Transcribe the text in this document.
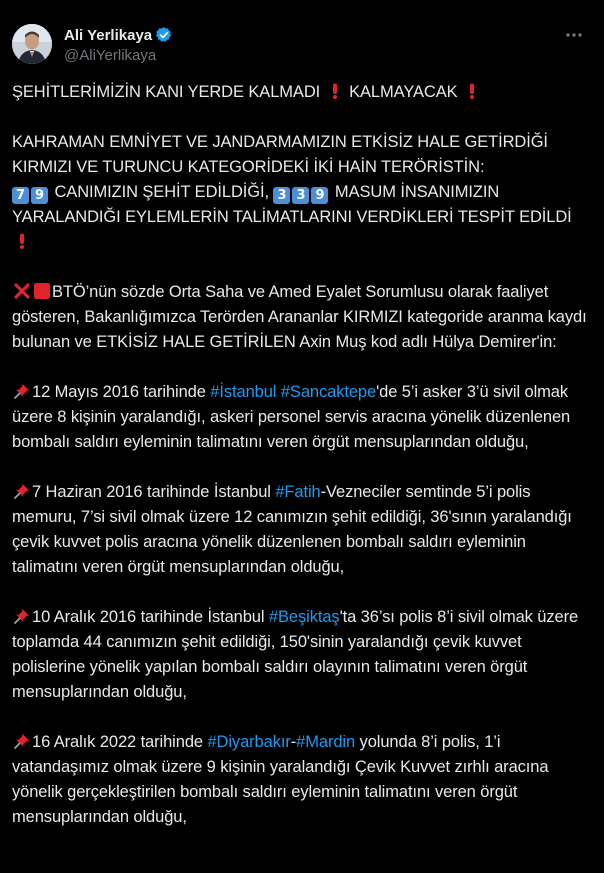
Ali Yerlikaya
@AliYerlikaya

ŞEHİTLERİMİZİN KANI YERDE KALMADI  KALMAYACAK

KAHRAMAN EMNİYET VE JANDARMAMIZIN ETKİSİZ HALE GETİRDİĞİ KIRMIZI VE TURUNCU KATEGORİDEKİ İKİ HAİN TERÖRİSTİN:
7 9 CANIMIZIN ŞEHİT EDİLDİĞİ, 3 3 9 MASUM İNSANIMIZIN YARALANDIĞI EYLEMLERİN TALİMATLARINI VERDİKLERİ TESPİT EDİLDİ

BTÖ’nün sözde Orta Saha ve Amed Eyalet Sorumlusu olarak faaliyet gösteren, Bakanlığımızca Terörden Arananlar KIRMIZI kategoride aranma kaydı bulunan ve ETKİSİZ HALE GETİRİLEN Axin Muş kod adlı Hülya Demirer'in:

12 Mayıs 2016 tarihinde #İstanbul #Sancaktepe'de 5’i asker 3’ü sivil olmak üzere 8 kişinin yaralandığı, askeri personel servis aracına yönelik düzenlenen bombalı saldırı eyleminin talimatını veren örgüt mensuplarından olduğu,

7 Haziran 2016 tarihinde İstanbul #Fatih-Vezneciler semtinde 5’i polis memuru, 7’si sivil olmak üzere 12 canımızın şehit edildiği, 36'sının yaralandığı çevik kuvvet polis aracına yönelik düzenlenen bombalı saldırı eyleminin talimatını veren örgüt mensuplarından olduğu,

10 Aralık 2016 tarihinde İstanbul #Beşiktaş'ta 36’sı polis 8’i sivil olmak üzere toplamda 44 canımızın şehit edildiği, 150'sinin yaralandığı çevik kuvvet polislerine yönelik yapılan bombalı saldırı olayının talimatını veren örgüt mensuplarından olduğu,

16 Aralık 2022 tarihinde #Diyarbakır-#Mardin yolunda 8’i polis, 1’i vatandaşımız olmak üzere 9 kişinin yaralandığı Çevik Kuvvet zırhlı aracına yönelik gerçekleştirilen bombalı saldırı eyleminin talimatını veren örgüt mensuplarından olduğu,
